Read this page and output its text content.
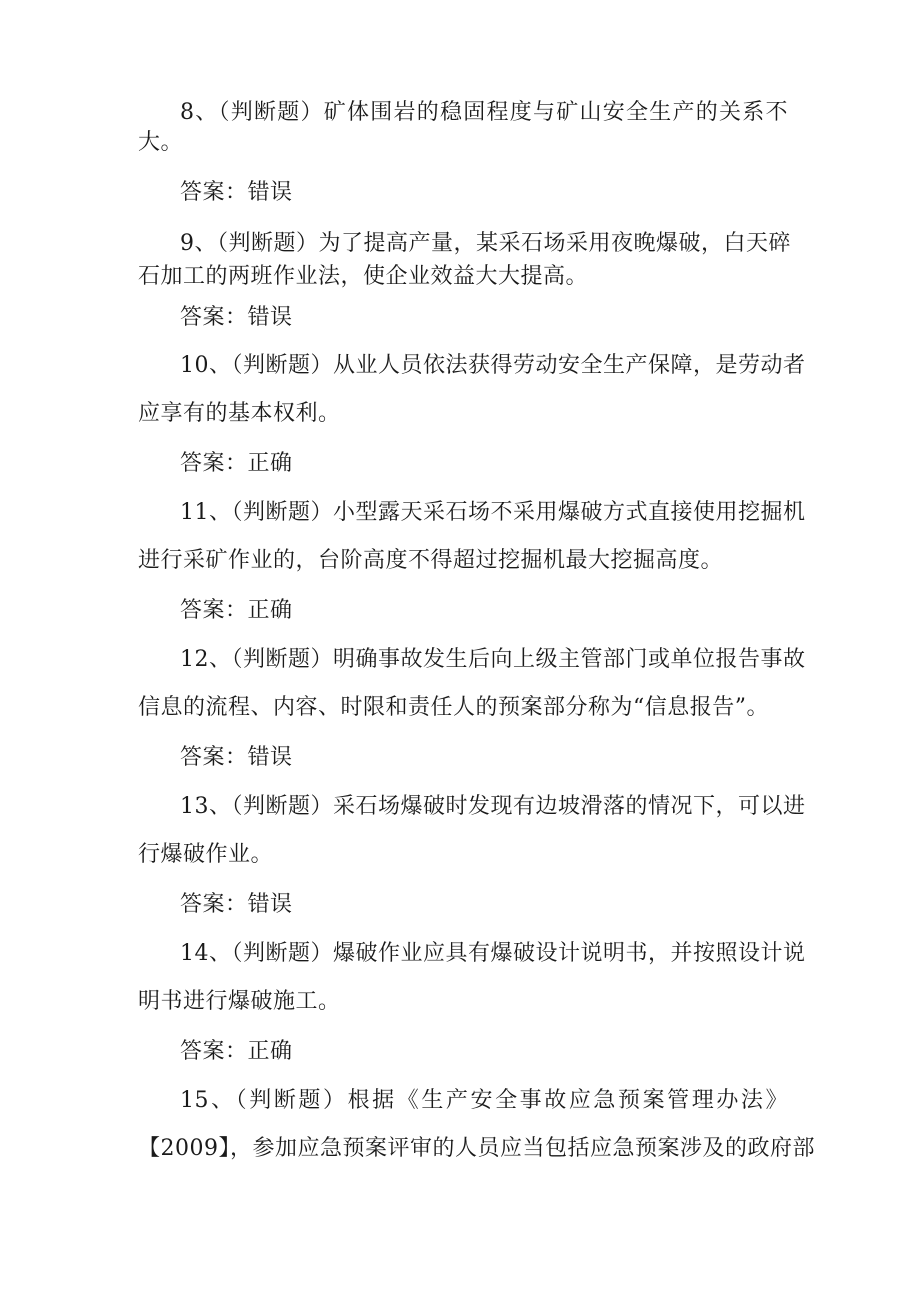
8、（判断题）矿体围岩的稳固程度与矿山安全生产的关系不
大。
答案：错误
9、（判断题）为了提高产量，某采石场采用夜晚爆破，白天碎
石加工的两班作业法，使企业效益大大提高。
答案：错误
10、（判断题）从业人员依法获得劳动安全生产保障，是劳动者
应享有的基本权利。
答案：正确
11、（判断题）小型露天采石场不采用爆破方式直接使用挖掘机
进行采矿作业的，台阶高度不得超过挖掘机最大挖掘高度。
答案：正确
12、（判断题）明确事故发生后向上级主管部门或单位报告事故
信息的流程、内容、时限和责任人的预案部分称为“信息报告”。
答案：错误
13、（判断题）采石场爆破时发现有边坡滑落的情况下，可以进
行爆破作业。
答案：错误
14、（判断题）爆破作业应具有爆破设计说明书，并按照设计说
明书进行爆破施工。
答案：正确
15、（判断题）根据《生产安全事故应急预案管理办法》
【2009】，参加应急预案评审的人员应当包括应急预案涉及的政府部
